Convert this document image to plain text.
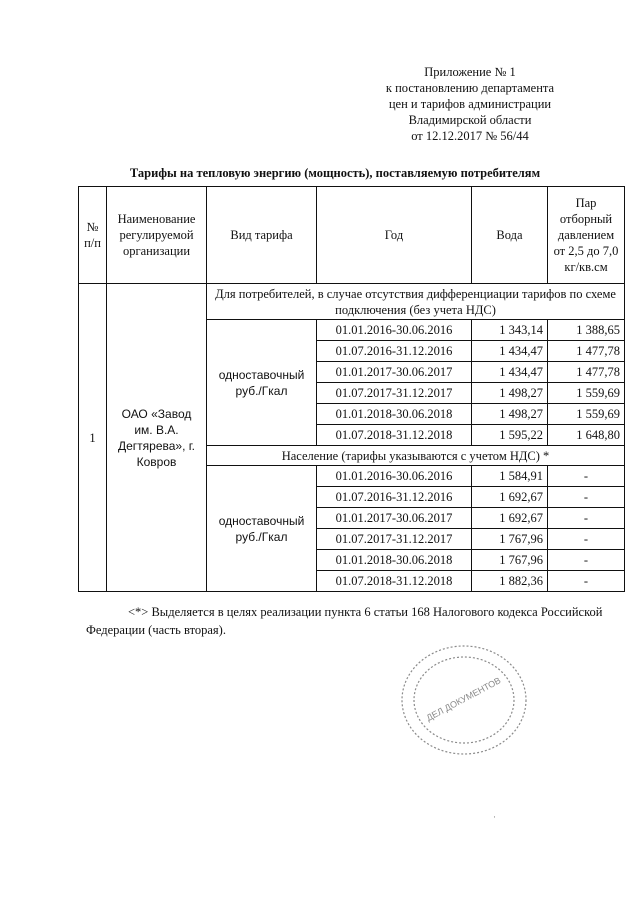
Приложение № 1
к постановлению департамента
цен и тарифов администрации
Владимирской области
от 12.12.2017 № 56/44
Тарифы на тепловую энергию (мощность), поставляемую потребителям
№ п/п	Наименование регулируемой организации	Вид тарифа	Год	Вода	Пар отборный давлением от 2,5 до 7,0 кг/кв.см
1	ОАО «Завод им. В.А. Дегтярева», г. Ковров	Для потребителей, в случае отсутствия дифференциации тарифов по схеме подключения (без учета НДС)			
		одноставочный руб./Гкал	01.01.2016-30.06.2016	1 343,14	1 388,65
			01.07.2016-31.12.2016	1 434,47	1 477,78
			01.01.2017-30.06.2017	1 434,47	1 477,78
			01.07.2017-31.12.2017	1 498,27	1 559,69
			01.01.2018-30.06.2018	1 498,27	1 559,69
			01.07.2018-31.12.2018	1 595,22	1 648,80
		Население (тарифы указываются с учетом НДС) *			
		одноставочный руб./Гкал	01.01.2016-30.06.2016	1 584,91	-
			01.07.2016-31.12.2016	1 692,67	-
			01.01.2017-30.06.2017	1 692,67	-
			01.07.2017-31.12.2017	1 767,96	-
			01.01.2018-30.06.2018	1 767,96	-
			01.07.2018-31.12.2018	1 882,36	-
<*> Выделяется в целях реализации пункта 6 статьи 168 Налогового кодекса Российской Федерации (часть вторая).
ДЕЛ ДОКУМЕНТОВ
·
